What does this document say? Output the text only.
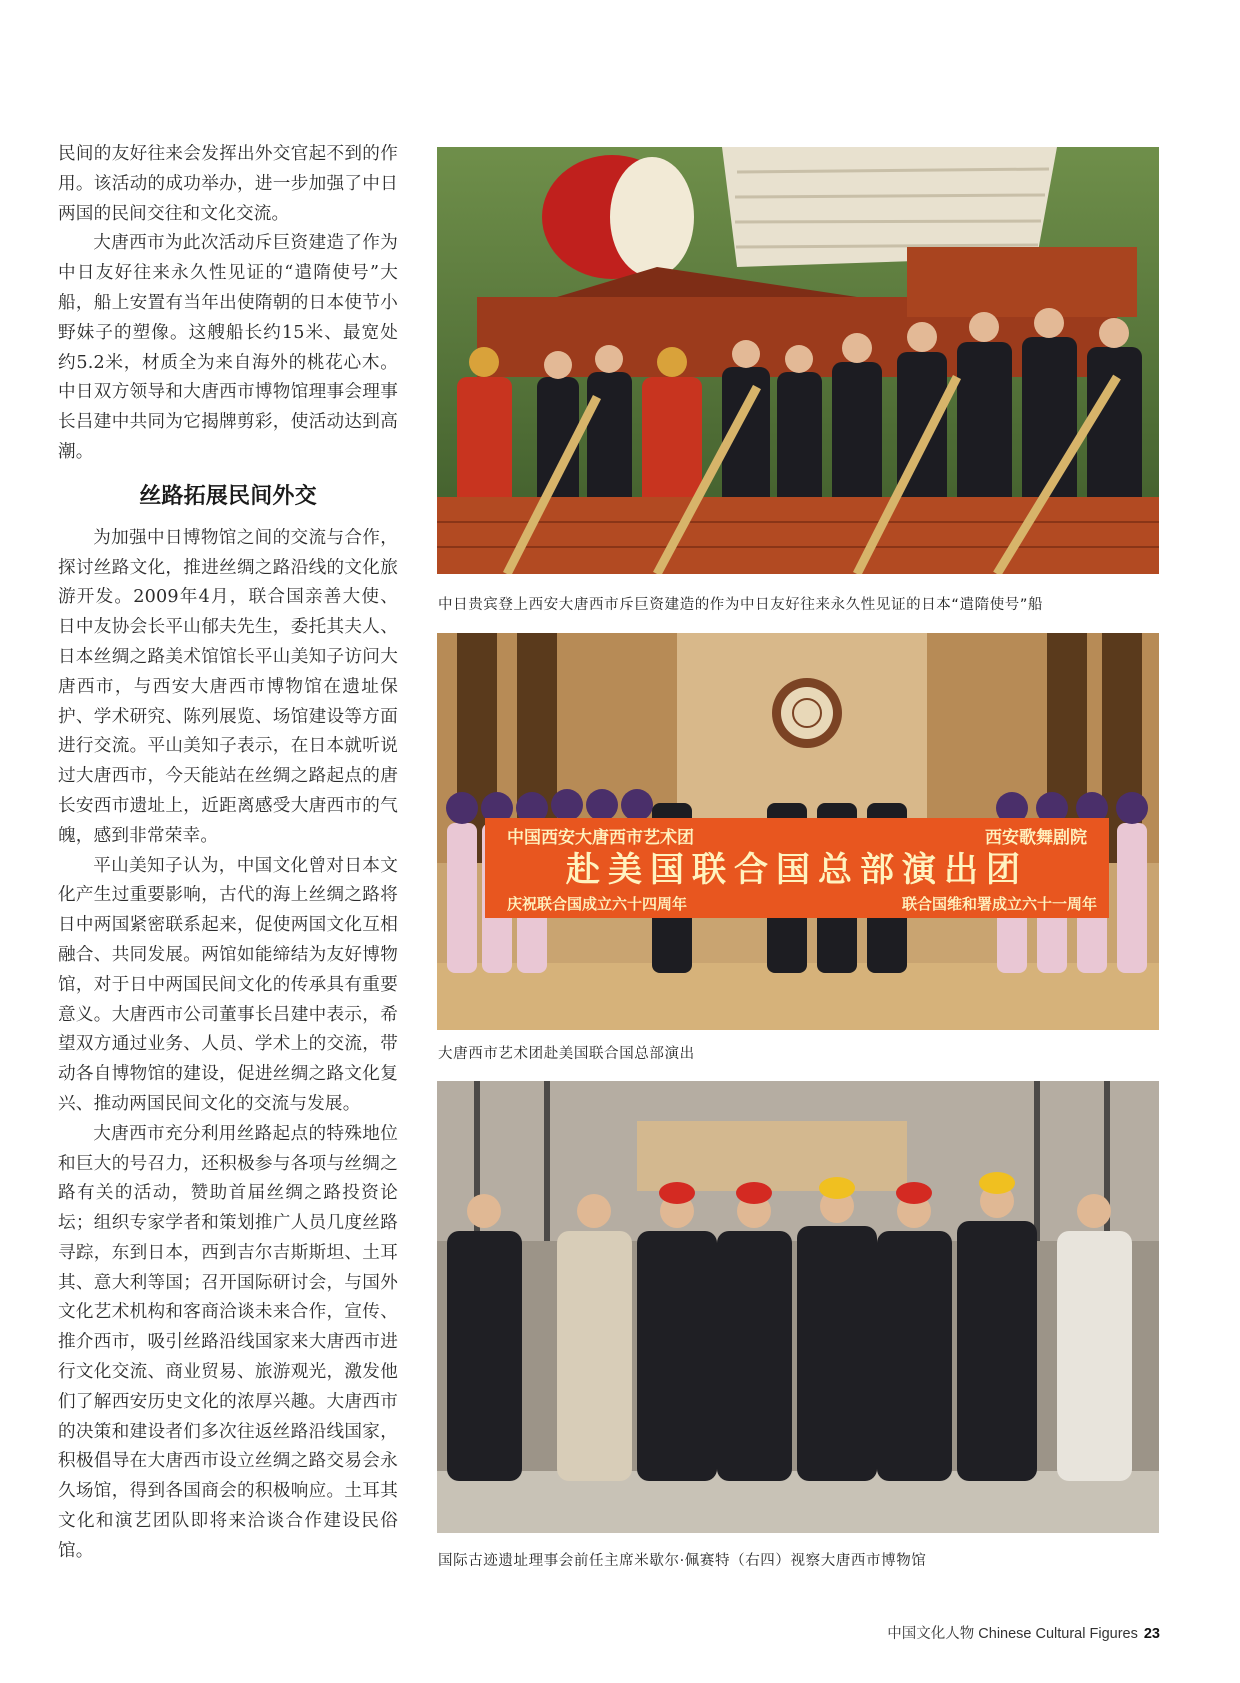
民间的友好往来会发挥出外交官起不到的作用。该活动的成功举办，进一步加强了中日两国的民间交往和文化交流。

大唐西市为此次活动斥巨资建造了作为中日友好往来永久性见证的“遣隋使号”大船，船上安置有当年出使隋朝的日本使节小野妹子的塑像。这艘船长约15米、最宽处约5.2米，材质全为来自海外的桃花心木。中日双方领导和大唐西市博物馆理事会理事长吕建中共同为它揭牌剪彩，使活动达到高潮。

丝路拓展民间外交

为加强中日博物馆之间的交流与合作，探讨丝路文化，推进丝绸之路沿线的文化旅游开发。2009年4月，联合国亲善大使、日中友协会长平山郁夫先生，委托其夫人、日本丝绸之路美术馆馆长平山美知子访问大唐西市，与西安大唐西市博物馆在遗址保护、学术研究、陈列展览、场馆建设等方面进行交流。平山美知子表示，在日本就听说过大唐西市，今天能站在丝绸之路起点的唐长安西市遗址上，近距离感受大唐西市的气魄，感到非常荣幸。

平山美知子认为，中国文化曾对日本文化产生过重要影响，古代的海上丝绸之路将日中两国紧密联系起来，促使两国文化互相融合、共同发展。两馆如能缔结为友好博物馆，对于日中两国民间文化的传承具有重要意义。大唐西市公司董事长吕建中表示，希望双方通过业务、人员、学术上的交流，带动各自博物馆的建设，促进丝绸之路文化复兴、推动两国民间文化的交流与发展。

大唐西市充分利用丝路起点的特殊地位和巨大的号召力，还积极参与各项与丝绸之路有关的活动，赞助首届丝绸之路投资论坛；组织专家学者和策划推广人员几度丝路寻踪，东到日本，西到吉尔吉斯斯坦、土耳其、意大利等国；召开国际研讨会，与国外文化艺术机构和客商洽谈未来合作，宣传、推介西市，吸引丝路沿线国家来大唐西市进行文化交流、商业贸易、旅游观光，激发他们了解西安历史文化的浓厚兴趣。大唐西市的决策和建设者们多次往返丝路沿线国家，积极倡导在大唐西市设立丝绸之路交易会永久场馆，得到各国商会的积极响应。土耳其文化和演艺团队即将来洽谈合作建设民俗馆。

中日贵宾登上西安大唐西市斥巨资建造的作为中日友好往来永久性见证的日本“遣隋使号”船
中国西安大唐西市艺术团	西安歌舞剧院
赴美国联合国总部演出团
庆祝联合国成立六十四周年	联合国维和署成立六十一周年
大唐西市艺术团赴美国联合国总部演出
国际古迹遗址理事会前任主席米歇尔·佩赛特（右四）视察大唐西市博物馆
中国文化人物 Chinese Cultural Figures 23
